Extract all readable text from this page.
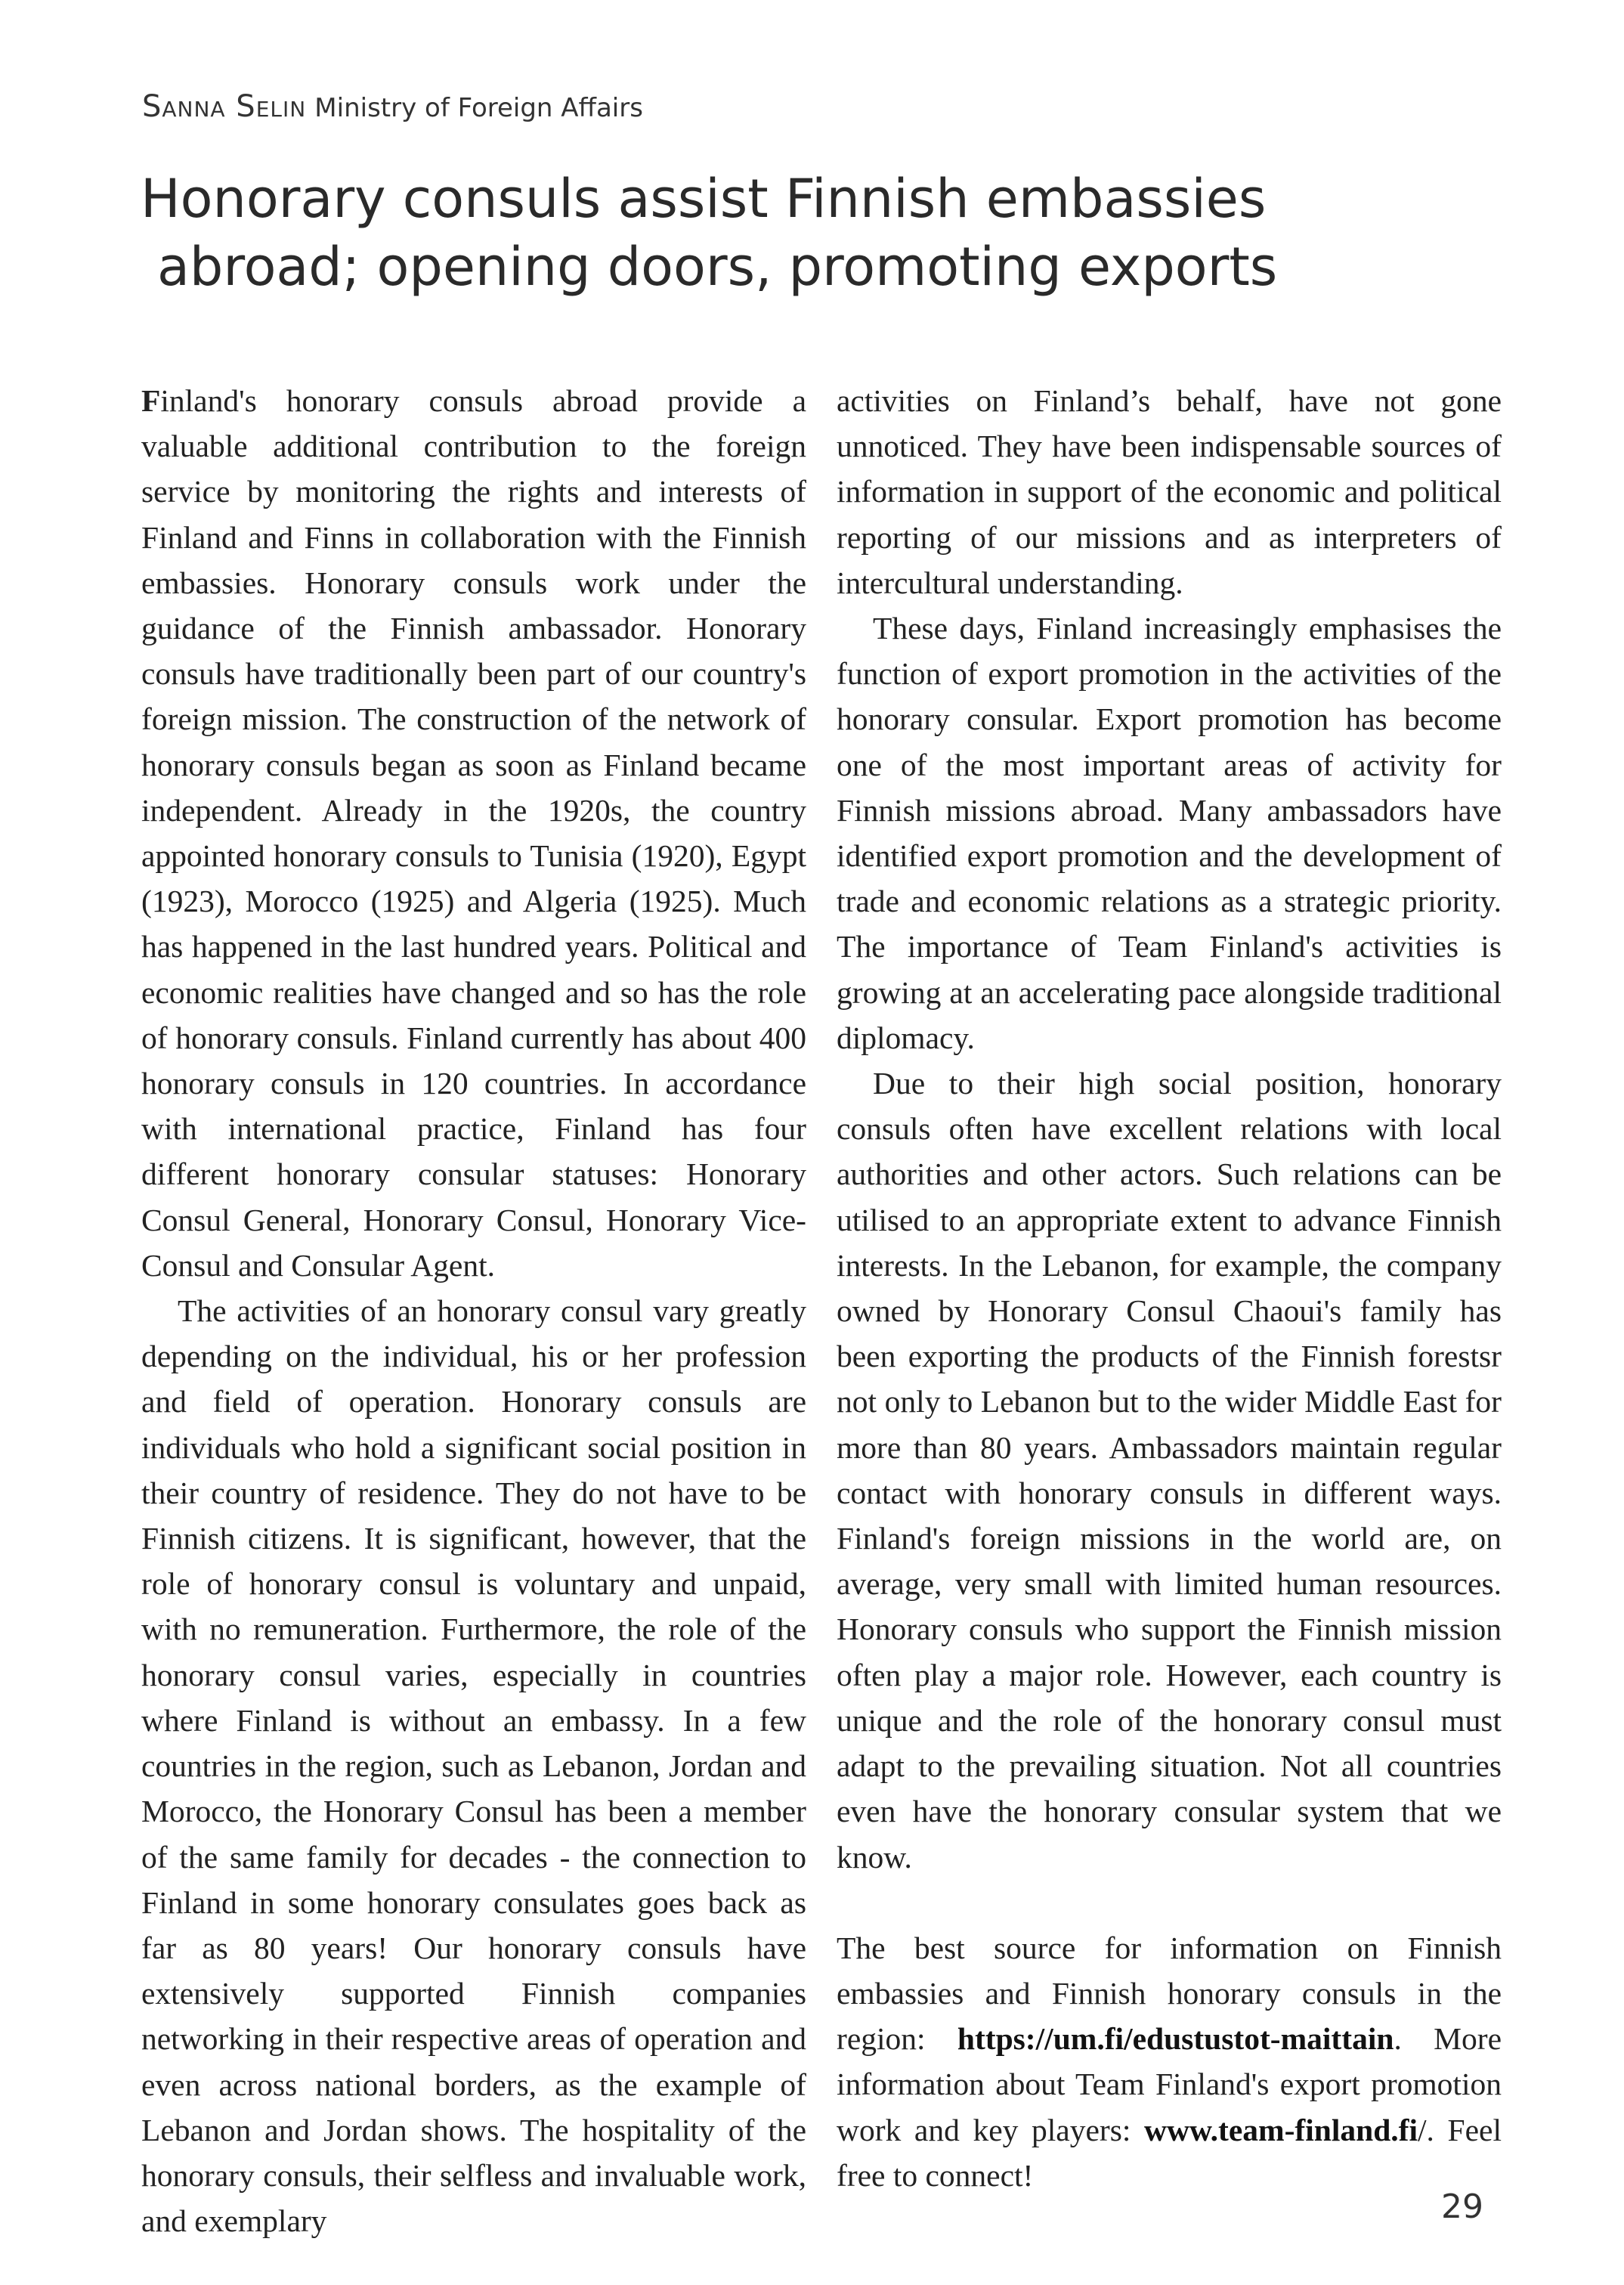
Sanna Selin Ministry of Foreign Affairs
Honorary consuls assist Finnish embassies
abroad; opening doors, promoting exports

Finland's honorary consuls abroad provide a valuable additional contribution to the foreign service by monitoring the rights and interests of Finland and Finns in collaboration with the Finnish embassies. Honorary consuls work under the guidance of the Finnish ambassador. Honorary consuls have traditionally been part of our country's foreign mission. The construction of the network of honorary consuls began as soon as Finland became independent. Already in the 1920s, the country appointed honorary consuls to Tunisia (1920), Egypt (1923), Morocco (1925) and Algeria (1925). Much has happened in the last hundred years. Political and economic realities have changed and so has the role of honorary consuls. Finland currently has about 400 honorary consuls in 120 countries. In accordance with international practice, Finland has four different honorary consular statuses: Honorary Consul General, Honorary Consul, Honorary Vice-Consul and Consular Agent.

The activities of an honorary consul vary greatly depending on the individual, his or her profession and field of operation. Honorary consuls are individuals who hold a significant social position in their country of residence. They do not have to be Finnish citizens. It is significant, however, that the role of honorary consul is voluntary and unpaid, with no remuneration. Furthermore, the role of the honorary consul varies, especially in countries where Finland is without an embassy. In a few countries in the region, such as Lebanon, Jordan and Morocco, the Honorary Consul has been a member of the same family for decades - the connection to Finland in some honorary consulates goes back as far as 80 years! Our honorary consuls have extensively supported Finnish companies networking in their respective areas of operation and even across national borders, as the example of Lebanon and Jordan shows. The hospitality of the honorary consuls, their selfless and invaluable work, and exemplary

activities on Finland’s behalf, have not gone unnoticed. They have been indispensable sources of information in support of the economic and political reporting of our missions and as interpreters of intercultural understanding.

These days, Finland increasingly emphasises the function of export promotion in the activities of the honorary consular. Export promotion has become one of the most important areas of activity for Finnish missions abroad. Many ambassadors have identified export promotion and the development of trade and economic relations as a strategic priority. The importance of Team Finland's activities is growing at an accelerating pace alongside traditional diplomacy.

Due to their high social position, honorary consuls often have excellent relations with local authorities and other actors. Such relations can be utilised to an appropriate extent to advance Finnish interests. In the Lebanon, for example, the company owned by Honorary Consul Chaoui's family has been exporting the products of the Finnish forestsr not only to Lebanon but to the wider Middle East for more than 80 years. Ambassadors maintain regular contact with honorary consuls in different ways. Finland's foreign missions in the world are, on average, very small with limited human resources. Honorary consuls who support the Finnish mission often play a major role. However, each country is unique and the role of the honorary consul must adapt to the prevailing situation. Not all countries even have the honorary consular system that we know.

The best source for information on Finnish embassies and Finnish honorary consuls in the region: https://um.fi/edustustot-maittain. More information about Team Finland's export promotion work and key players: www.team-finland.fi/. Feel free to connect!

29
